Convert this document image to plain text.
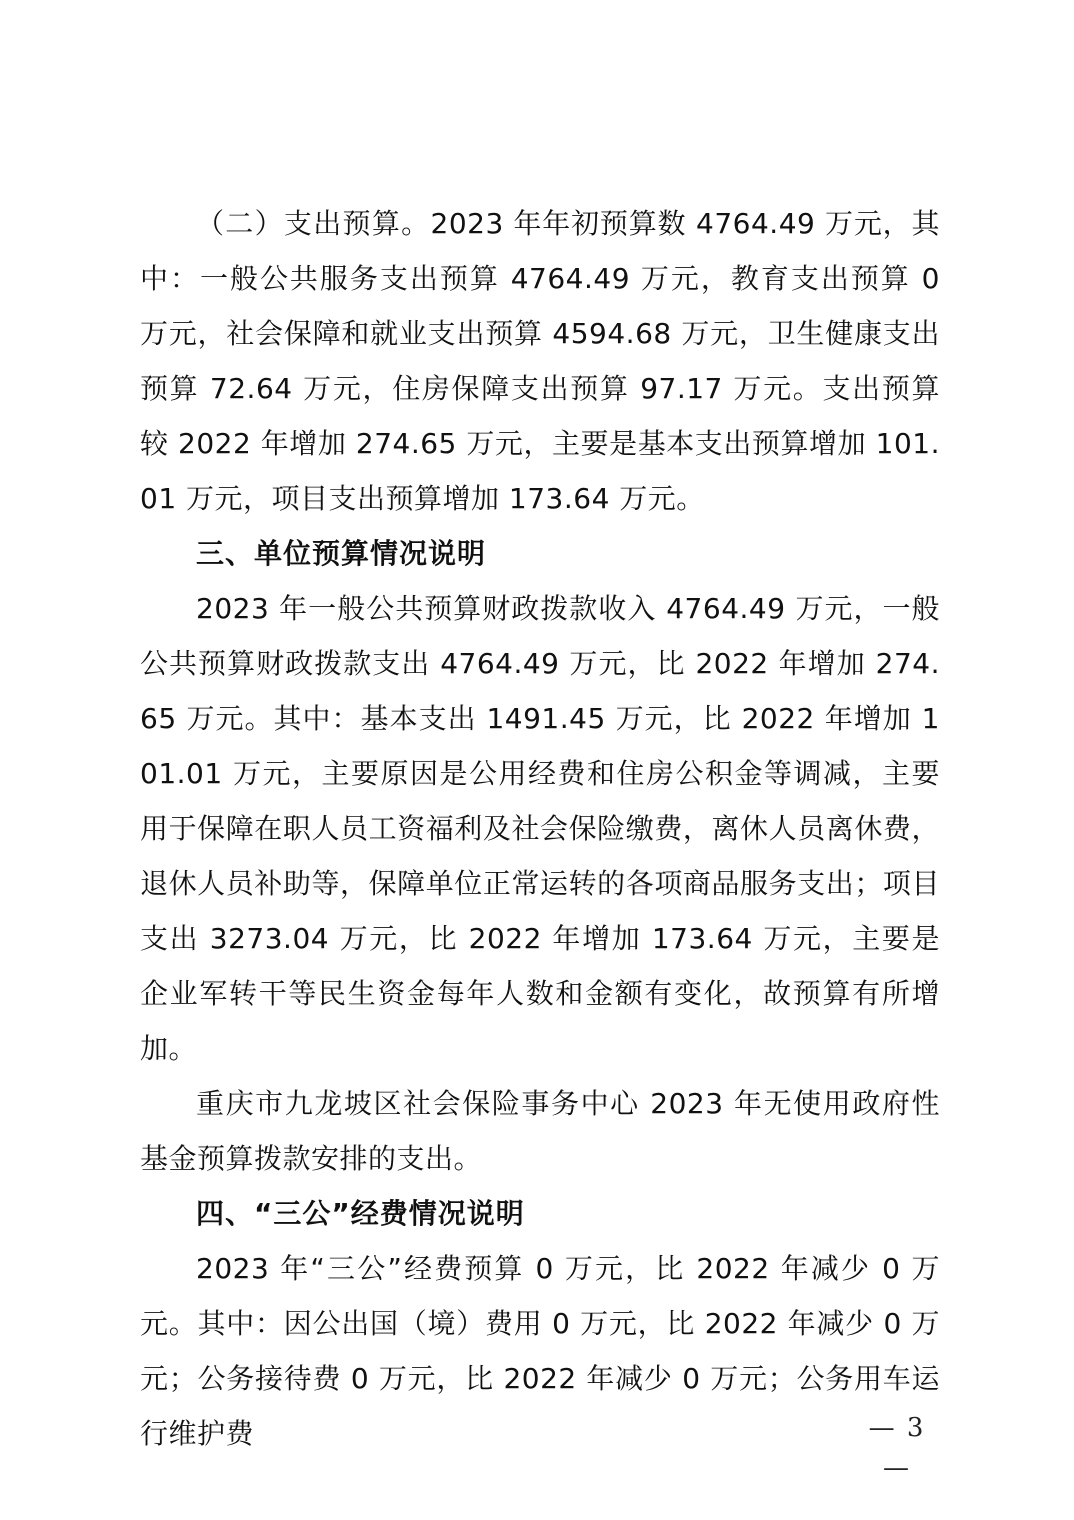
（二）支出预算。2023 年年初预算数 4764.49 万元，其中：一般公共服务支出预算 4764.49 万元，教育支出预算 0 万元，社会保障和就业支出预算 4594.68 万元，卫生健康支出预算 72.64 万元，住房保障支出预算 97.17 万元。支出预算较 2022 年增加 274.65 万元，主要是基本支出预算增加 101.01 万元，项目支出预算增加 173.64 万元。

三、单位预算情况说明

2023 年一般公共预算财政拨款收入 4764.49 万元，一般公共预算财政拨款支出 4764.49 万元，比 2022 年增加 274.65 万元。其中：基本支出 1491.45 万元，比 2022 年增加 101.01 万元，主要原因是公用经费和住房公积金等调减，主要用于保障在职人员工资福利及社会保险缴费，离休人员离休费，退休人员补助等，保障单位正常运转的各项商品服务支出；项目支出 3273.04 万元，比 2022 年增加 173.64 万元，主要是企业军转干等民生资金每年人数和金额有变化，故预算有所增加。

重庆市九龙坡区社会保险事务中心 2023 年无使用政府性基金预算拨款安排的支出。

四、“三公”经费情况说明

2023 年“三公”经费预算 0 万元，比 2022 年减少 0 万元。其中：因公出国（境）费用 0 万元，比 2022 年减少 0 万元；公务接待费 0 万元，比 2022 年减少 0 万元；公务用车运行维护费	— 3 —
